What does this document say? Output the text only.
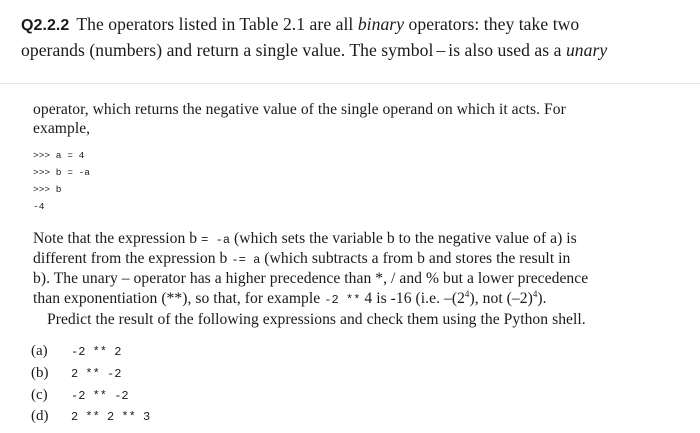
Q2.2.2 The operators listed in Table 2.1 are all binary operators: they take two
operands (numbers) and return a single value. The symbol – is also used as a unary
operator, which returns the negative value of the single operand on which it acts. For
example,
>>> a = 4
>>> b = -a
>>> b
-4
Note that the expression b = -a (which sets the variable b to the negative value of a) is
different from the expression b -= a (which subtracts a from b and stores the result in
b). The unary – operator has a higher precedence than *, / and % but a lower precedence
than exponentiation (**), so that, for example -2 ** 4 is -16 (i.e. $-(2^4)$, not $(-2)^4$).
Predict the result of the following expressions and check them using the Python shell.
(a) -2 ** 2
(b) 2 ** -2
(c) -2 ** -2
(d) 2 ** 2 ** 3
